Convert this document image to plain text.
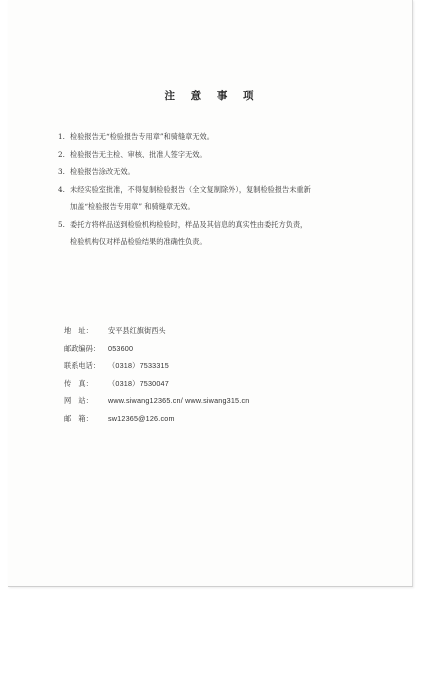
注 意 事 项
1. 检验报告无“检验报告专用章”和骑缝章无效。
2. 检验报告无主检、审核、批准人签字无效。
3. 检验报告涂改无效。
4. 未经实验室批准，不得复制检验报告（全文复制除外），复制检验报告未重新
加盖“检验报告专用章” 和骑缝章无效。
5. 委托方将样品送到检验机构检验时，样品及其信息的真实性由委托方负责，
检验机构仅对样品检验结果的准确性负责。
地　址：	安平县红旗街西头
邮政编码：	053600
联系电话：	（0318）7533315
传　真：	（0318）7530047
网　站：	www.siwang12365.cn/ www.siwang315.cn
邮　箱：	sw12365@126.com
